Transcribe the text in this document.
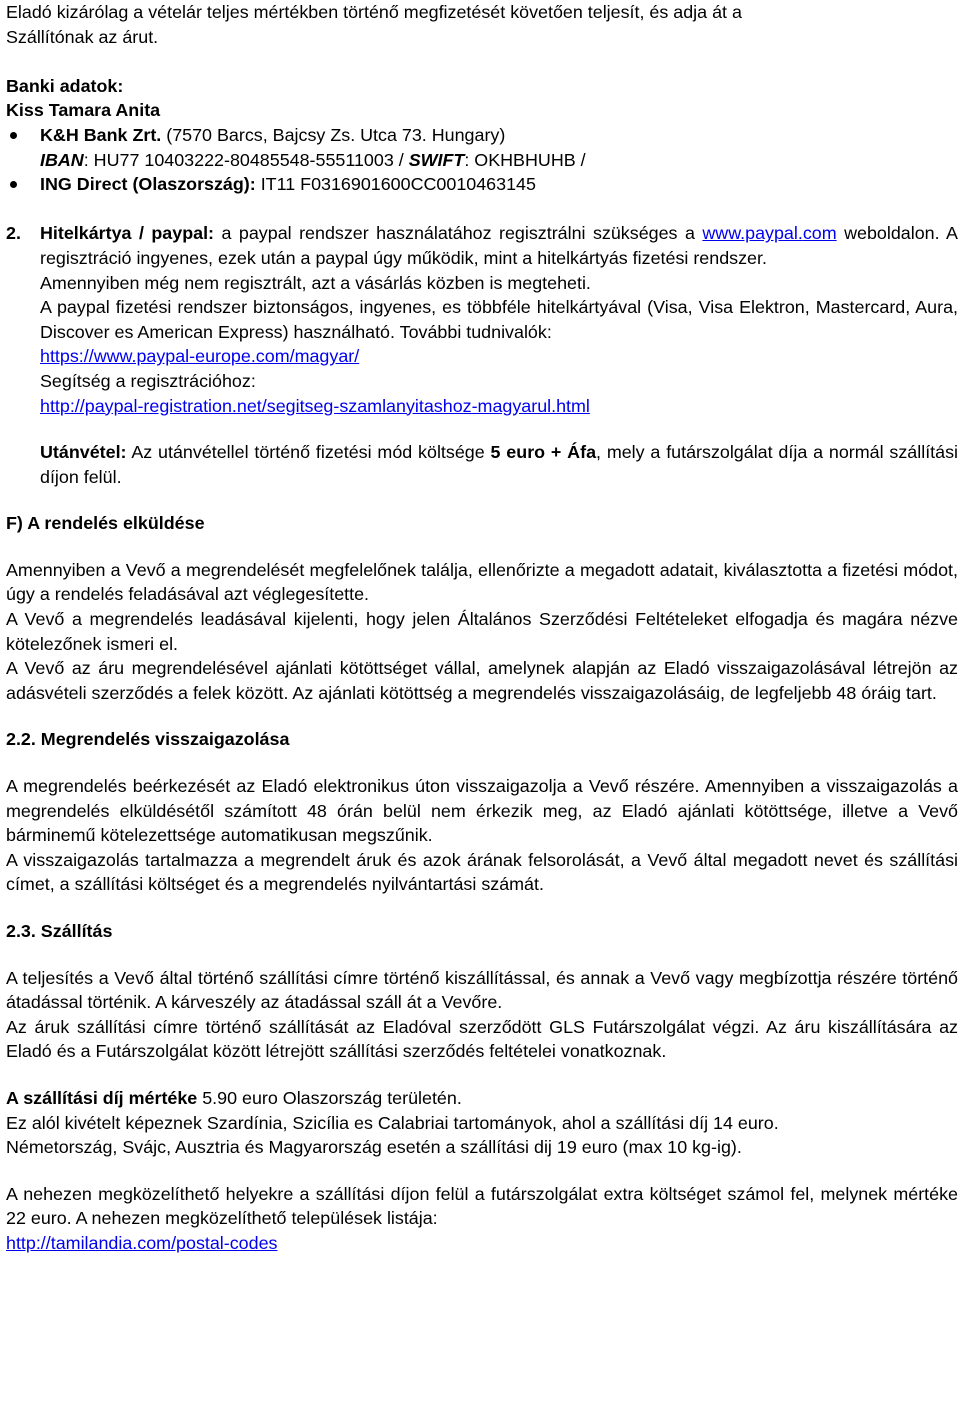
Eladó kizárólag a vételár teljes mértékben történő megfizetését követően teljesít, és adja át a
Szállítónak az árut.

Banki adatok:
Kiss Tamara Anita
K&H Bank Zrt. (7570 Barcs, Bajcsy Zs. Utca 73. Hungary)
IBAN: HU77 10403222-80485548-55511003 / SWIFT: OKHBHUHB /
ING Direct (Olaszország): IT11 F0316901600CC0010463145

2. Hitelkártya / paypal: a paypal rendszer használatához regisztrálni szükséges a www.paypal.com weboldalon. A regisztráció ingyenes, ezek után a paypal úgy működik, mint a hitelkártyás fizetési rendszer.

Amennyiben még nem regisztrált, azt a vásárlás közben is megteheti.

A paypal fizetési rendszer biztonságos, ingyenes, es többféle hitelkártyával (Visa, Visa Elektron, Mastercard, Aura, Discover es American Express) használható. További tudnivalók:
https://www.paypal-europe.com/magyar/
Segítség a regisztrációhoz:
http://paypal-registration.net/segitseg-szamlanyitashoz-magyarul.html

Utánvétel: Az utánvétellel történő fizetési mód költsége 5 euro + Áfa, mely a futárszolgálat díja a normál szállítási díjon felül.

F) A rendelés elküldése

Amennyiben a Vevő a megrendelését megfelelőnek találja, ellenőrizte a megadott adatait, kiválasztotta a fizetési módot, úgy a rendelés feladásával azt véglegesítette.

A Vevő a megrendelés leadásával kijelenti, hogy jelen Általános Szerződési Feltételeket elfogadja és magára nézve kötelezőnek ismeri el.

A Vevő az áru megrendelésével ajánlati kötöttséget vállal, amelynek alapján az Eladó visszaigazolásával létrejön az adásvételi szerződés a felek között. Az ajánlati kötöttség a megrendelés visszaigazolásáig, de legfeljebb 48 óráig tart.

2.2. Megrendelés visszaigazolása

A megrendelés beérkezését az Eladó elektronikus úton visszaigazolja a Vevő részére. Amennyiben a visszaigazolás a megrendelés elküldésétől számított 48 órán belül nem érkezik meg, az Eladó ajánlati kötöttsége, illetve a Vevő bárminemű kötelezettsége automatikusan megszűnik.

A visszaigazolás tartalmazza a megrendelt áruk és azok árának felsorolását, a Vevő által megadott nevet és szállítási címet, a szállítási költséget és a megrendelés nyilvántartási számát.

2.3. Szállítás

A teljesítés a Vevő által történő szállítási címre történő kiszállítással, és annak a Vevő vagy megbízottja részére történő átadással történik. A kárveszély az átadással száll át a Vevőre.

Az áruk szállítási címre történő szállítását az Eladóval szerződött GLS Futárszolgálat végzi. Az áru kiszállítására az Eladó és a Futárszolgálat között létrejött szállítási szerződés feltételei vonatkoznak.

A szállítási díj mértéke 5.90 euro Olaszország területén.

Ez alól kivételt képeznek Szardínia, Szicília es Calabriai tartományok, ahol a szállítási díj 14 euro.

Németország, Svájc, Ausztria és Magyarország esetén a szállítási dij 19 euro (max 10 kg-ig).

A nehezen megközelíthető helyekre a szállítási díjon felül a futárszolgálat extra költséget számol fel, melynek mértéke 22 euro. A nehezen megközelíthető települések listája:
http://tamilandia.com/postal-codes
